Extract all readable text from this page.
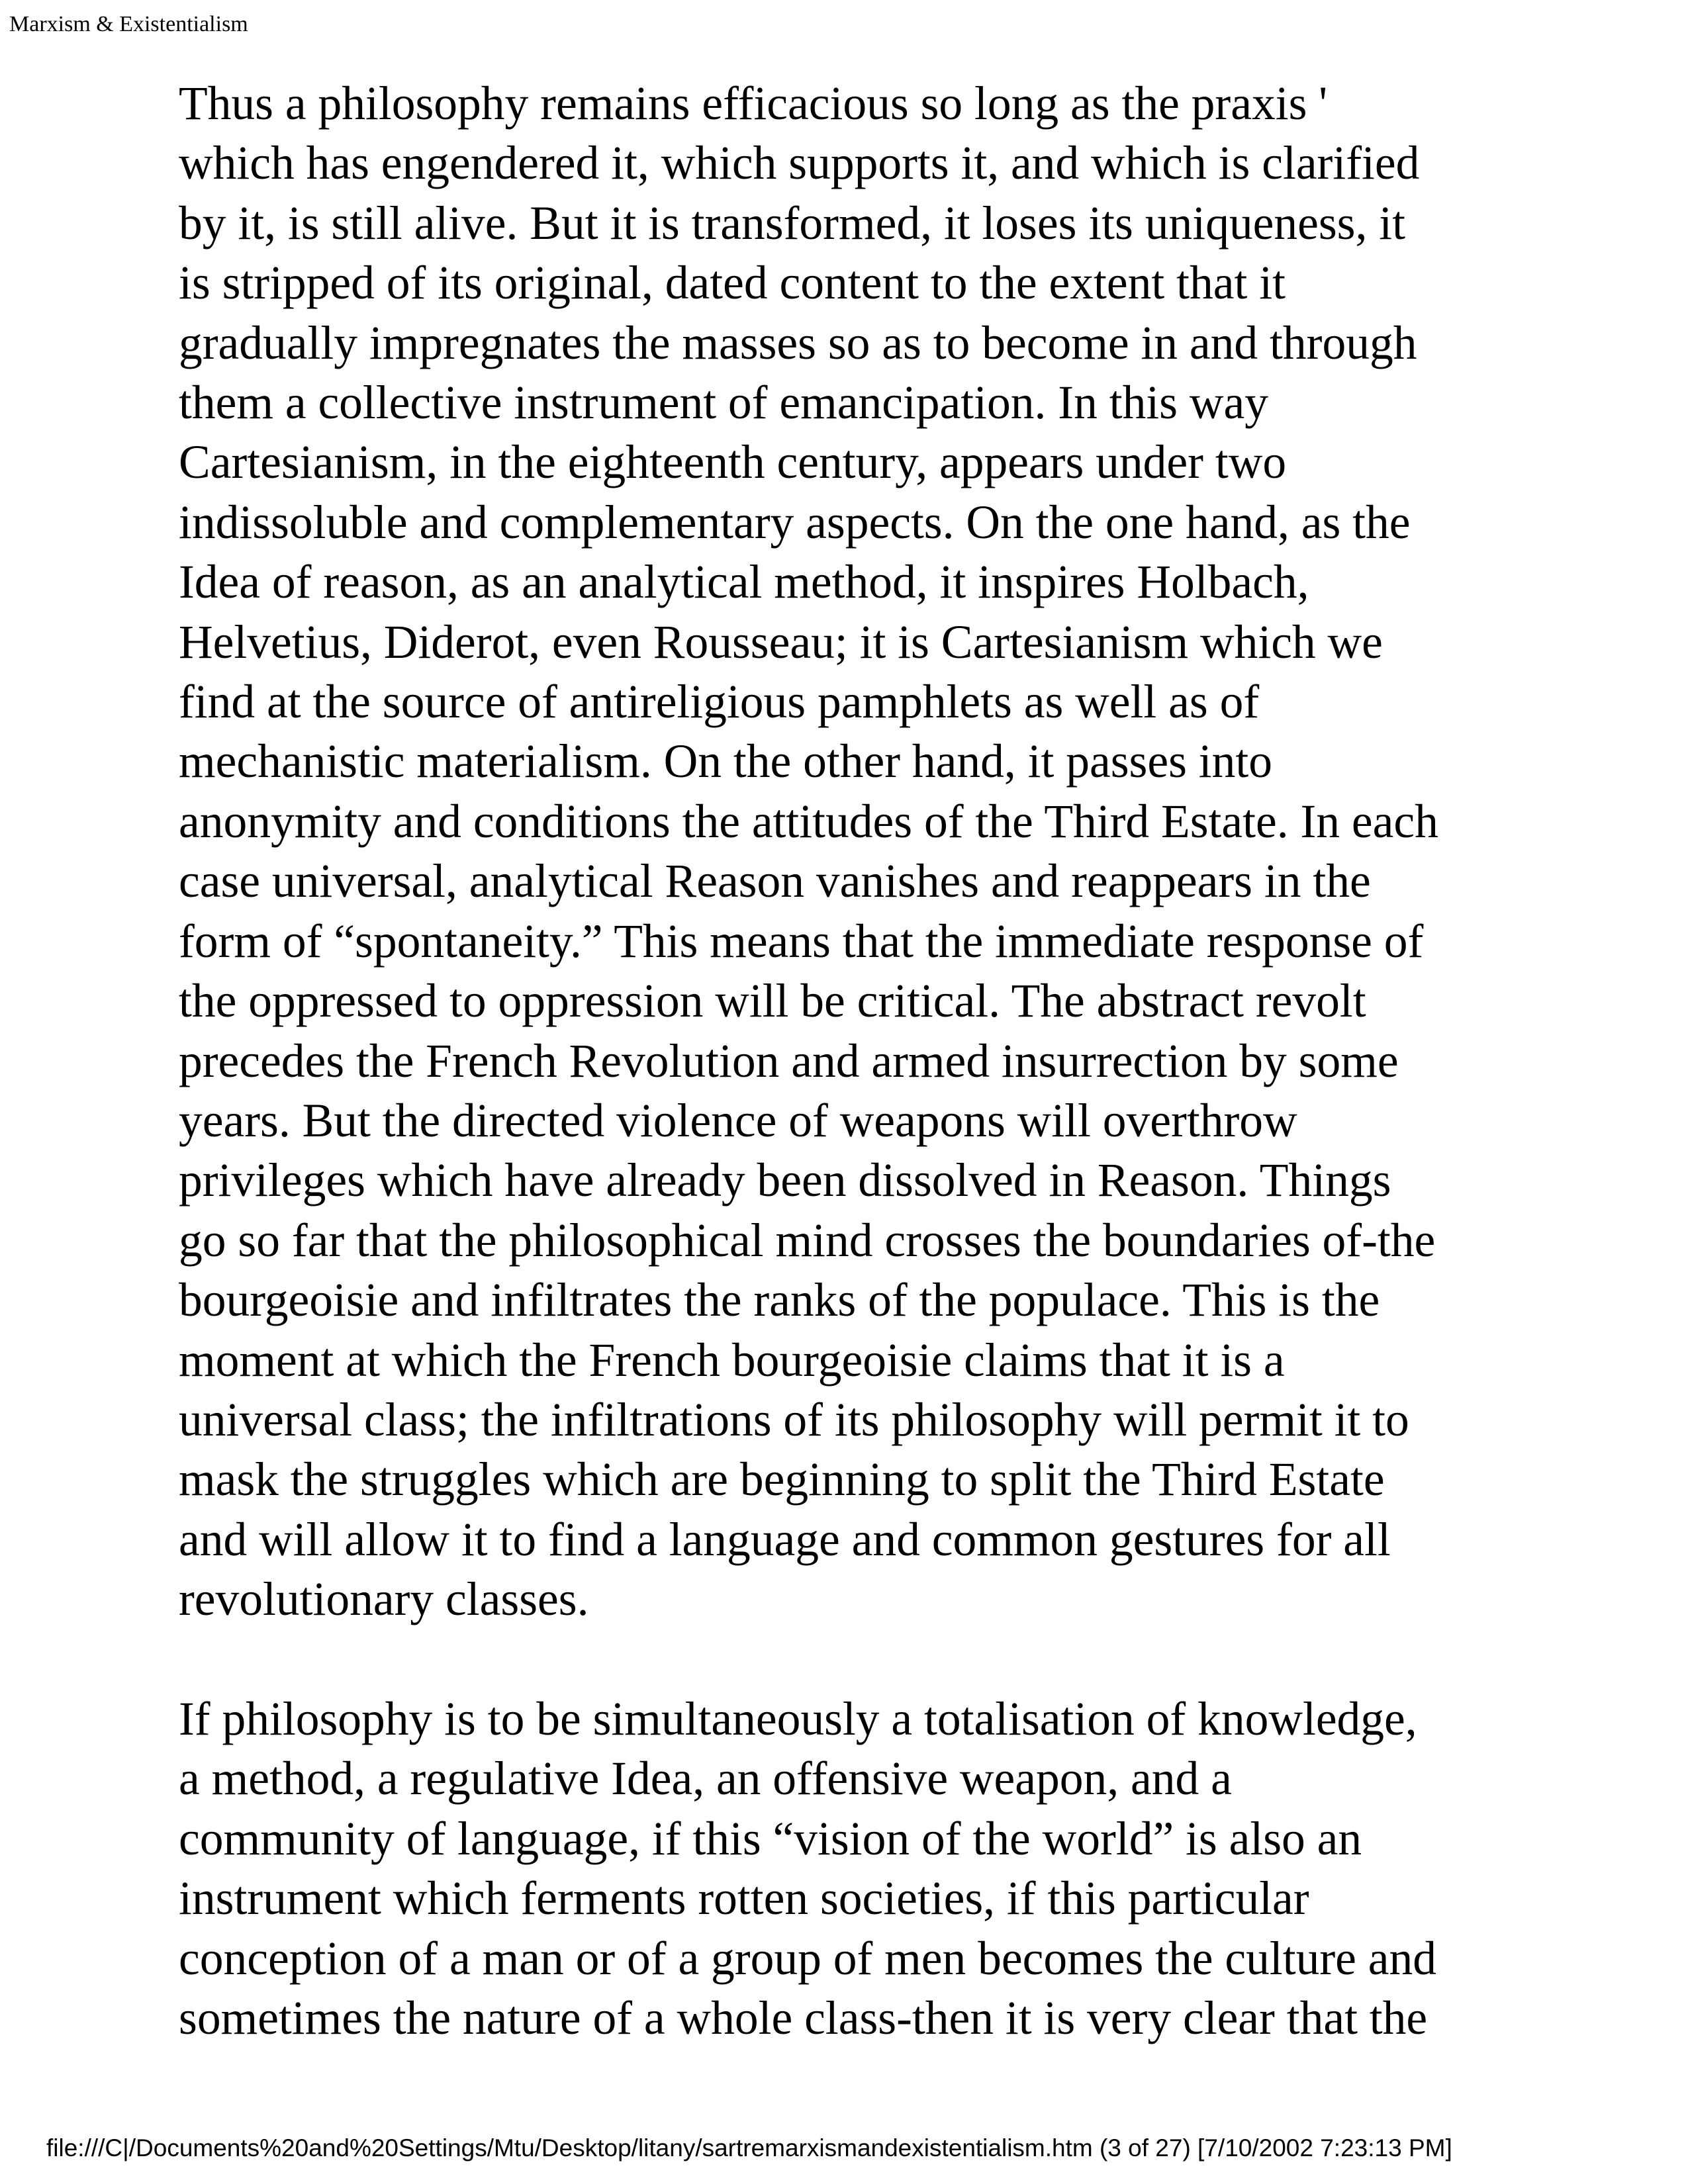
Marxism & Existentialism
Thus a philosophy remains efficacious so long as the praxis '
which has engendered it, which supports it, and which is clarified
by it, is still alive. But it is transformed, it loses its uniqueness, it
is stripped of its original, dated content to the extent that it
gradually impregnates the masses so as to become in and through
them a collective instrument of emancipation. In this way
Cartesianism, in the eighteenth century, appears under two
indissoluble and complementary aspects. On the one hand, as the
Idea of reason, as an analytical method, it inspires Holbach,
Helvetius, Diderot, even Rousseau; it is Cartesianism which we
find at the source of antireligious pamphlets as well as of
mechanistic materialism. On the other hand, it passes into
anonymity and conditions the attitudes of the Third Estate. In each
case universal, analytical Reason vanishes and reappears in the
form of “spontaneity.” This means that the immediate response of
the oppressed to oppression will be critical. The abstract revolt
precedes the French Revolution and armed insurrection by some
years. But the directed violence of weapons will overthrow
privileges which have already been dissolved in Reason. Things
go so far that the philosophical mind crosses the boundaries of-the
bourgeoisie and infiltrates the ranks of the populace. This is the
moment at which the French bourgeoisie claims that it is a
universal class; the infiltrations of its philosophy will permit it to
mask the struggles which are beginning to split the Third Estate
and will allow it to find a language and common gestures for all
revolutionary classes.
If philosophy is to be simultaneously a totalisation of knowledge,
a method, a regulative Idea, an offensive weapon, and a
community of language, if this “vision of the world” is also an
instrument which ferments rotten societies, if this particular
conception of a man or of a group of men becomes the culture and
sometimes the nature of a whole class-then it is very clear that the
file:///C|/Documents%20and%20Settings/Mtu/Desktop/litany/sartremarxismandexistentialism.htm (3 of 27) [7/10/2002 7:23:13 PM]
